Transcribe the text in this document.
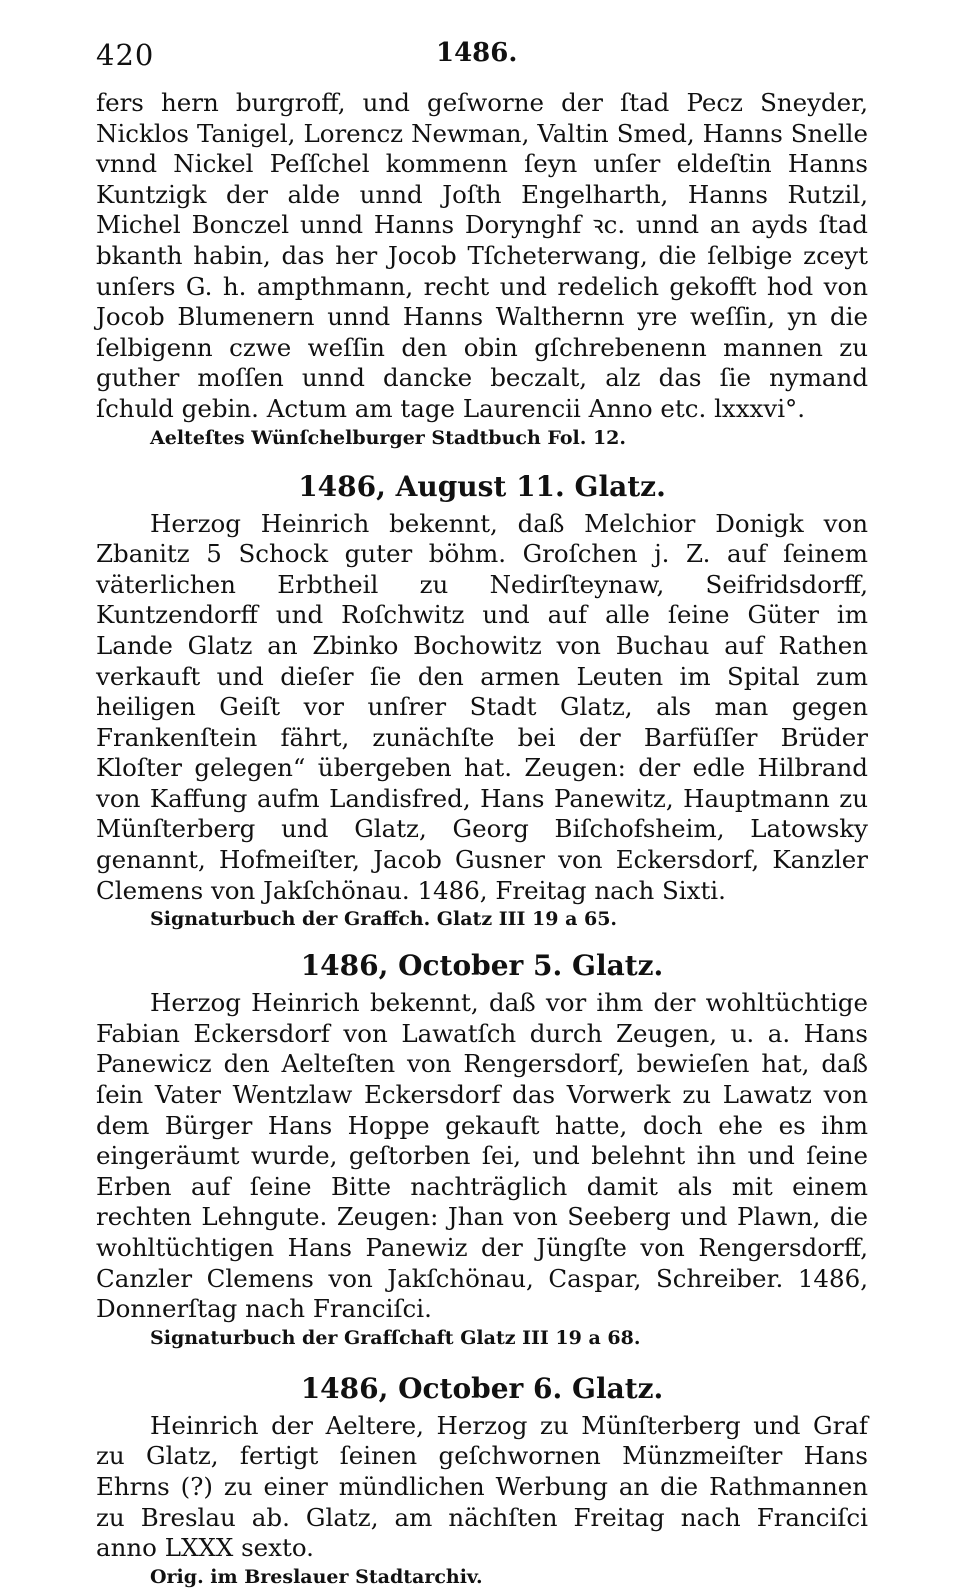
420	1486.

fers hern burgroff, und geſworne der ſtad Pecz Sneyder, Nicklos Tanigel, Lorencz Newman, Valtin Smed, Hanns Snelle vnnd Nickel Peſſchel kommenn ſeyn unſer eldeſtin Hanns Kuntzigk der alde unnd Joſth Engelharth, Hanns Rutzil, Michel Bonczel unnd Hanns Dorynghf ꝛc. unnd an ayds ſtad bkanth habin, das her Jocob Tſcheterwang, die ſelbige zceyt unſers G. h. ampthmann, recht und redelich gekofft hod von Jocob Blumenern unnd Hanns Walthernn yre weſſin, yn die ſelbigenn czwe weſſin den obin gſchrebenenn mannen zu guther moſſen unnd dancke beczalt, alz das ſie nymand ſchuld gebin. Actum am tage Laurencii Anno etc. lxxxvi°.

Aelteſtes Wünſchelburger Stadtbuch Fol. 12.

1486, August 11. Glatz.

Herzog Heinrich bekennt, daß Melchior Donigk von Zbanitz 5 Schock guter böhm. Groſchen j. Z. auf ſeinem väterlichen Erbtheil zu Nedirſteynaw, Seifridsdorff, Kuntzendorff und Roſchwitz und auf alle ſeine Güter im Lande Glatz an Zbinko Bochowitz von Buchau auf Rathen verkauft und dieſer ſie den armen Leuten im Spital zum heiligen Geiſt vor unſrer Stadt Glatz, als man gegen Frankenſtein fährt, zunächſte bei der Barfüſſer Brüder Kloſter gelegen“ übergeben hat. Zeugen: der edle Hilbrand von Kaffung aufm Landisfred, Hans Panewitz, Hauptmann zu Münſterberg und Glatz, Georg Biſchofsheim, Latowsky genannt, Hofmeiſter, Jacob Gusner von Eckersdorf, Kanzler Clemens von Jakſchönau. 1486, Freitag nach Sixti.

Signaturbuch der Graffch. Glatz III 19 a 65.

1486, October 5. Glatz.

Herzog Heinrich bekennt, daß vor ihm der wohltüchtige Fabian Eckersdorf von Lawatſch durch Zeugen, u. a. Hans Panewicz den Aelteſten von Rengersdorf, bewieſen hat, daß ſein Vater Wentzlaw Eckersdorf das Vorwerk zu Lawatz von dem Bürger Hans Hoppe gekauft hatte, doch ehe es ihm eingeräumt wurde, geſtorben ſei, und belehnt ihn und ſeine Erben auf ſeine Bitte nachträglich damit als mit einem rechten Lehngute. Zeugen: Jhan von Seeberg und Plawn, die wohltüchtigen Hans Panewiz der Jüngſte von Rengersdorff, Canzler Clemens von Jakſchönau, Caspar, Schreiber. 1486, Donnerſtag nach Franciſci.

Signaturbuch der Grafſchaft Glatz III 19 a 68.

1486, October 6. Glatz.

Heinrich der Aeltere, Herzog zu Münſterberg und Graf zu Glatz, fertigt ſeinen geſchwornen Münzmeiſter Hans Ehrns (?) zu einer mündlichen Werbung an die Rathmannen zu Breslau ab. Glatz, am nächſten Freitag nach Franciſci anno LXXX sexto.

Orig. im Breslauer Stadtarchiv.
